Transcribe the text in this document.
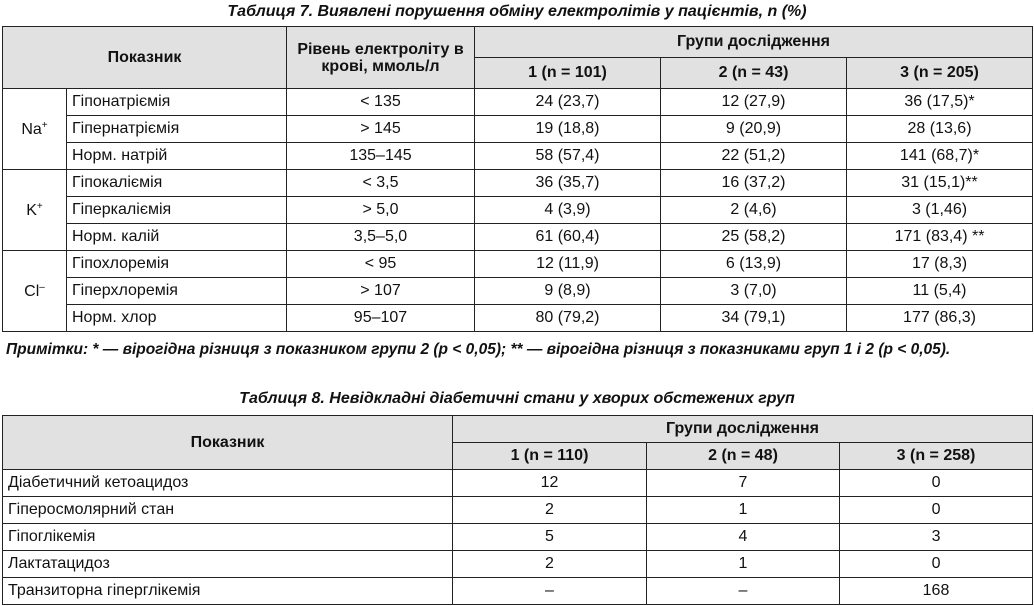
Таблиця 7. Виявлені порушення обміну електролітів у пацієнтів, n (%)

Показник		Рівень електроліту в крові, ммоль/л	Групи дослідження		
			1 (n = 101)	2 (n = 43)	3 (n = 205)
Na+	Гіпонатріємія	< 135	24 (23,7)	12 (27,9)	36 (17,5)*
	Гіпернатріємія	> 145	19 (18,8)	9 (20,9)	28 (13,6)
	Норм. натрій	135–145	58 (57,4)	22 (51,2)	141 (68,7)*
K+	Гіпокаліємія	< 3,5	36 (35,7)	16 (37,2)	31 (15,1)**
	Гіперкаліємія	> 5,0	4 (3,9)	2 (4,6)	3 (1,46)
	Норм. калій	3,5–5,0	61 (60,4)	25 (58,2)	171 (83,4) **
Cl–	Гіпохлоремія	< 95	12 (11,9)	6 (13,9)	17 (8,3)
	Гіперхлоремія	> 107	9 (8,9)	3 (7,0)	11 (5,4)
	Норм. хлор	95–107	80 (79,2)	34 (79,1)	177 (86,3)
Примітки: * — вірогідна різниця з показником групи 2 (p < 0,05); ** — вірогідна різниця з показниками груп 1 і 2 (p < 0,05).

Таблиця 8. Невідкладні діабетичні стани у хворих обстежених груп

Показник	Групи дослідження		
	1 (n = 110)	2 (n = 48)	3 (n = 258)
Діабетичний кетоацидоз	12	7	0
Гіперосмолярний стан	2	1	0
Гіпоглікемія	5	4	3
Лактатацидоз	2	1	0
Транзиторна гіперглікемія	–	–	168
